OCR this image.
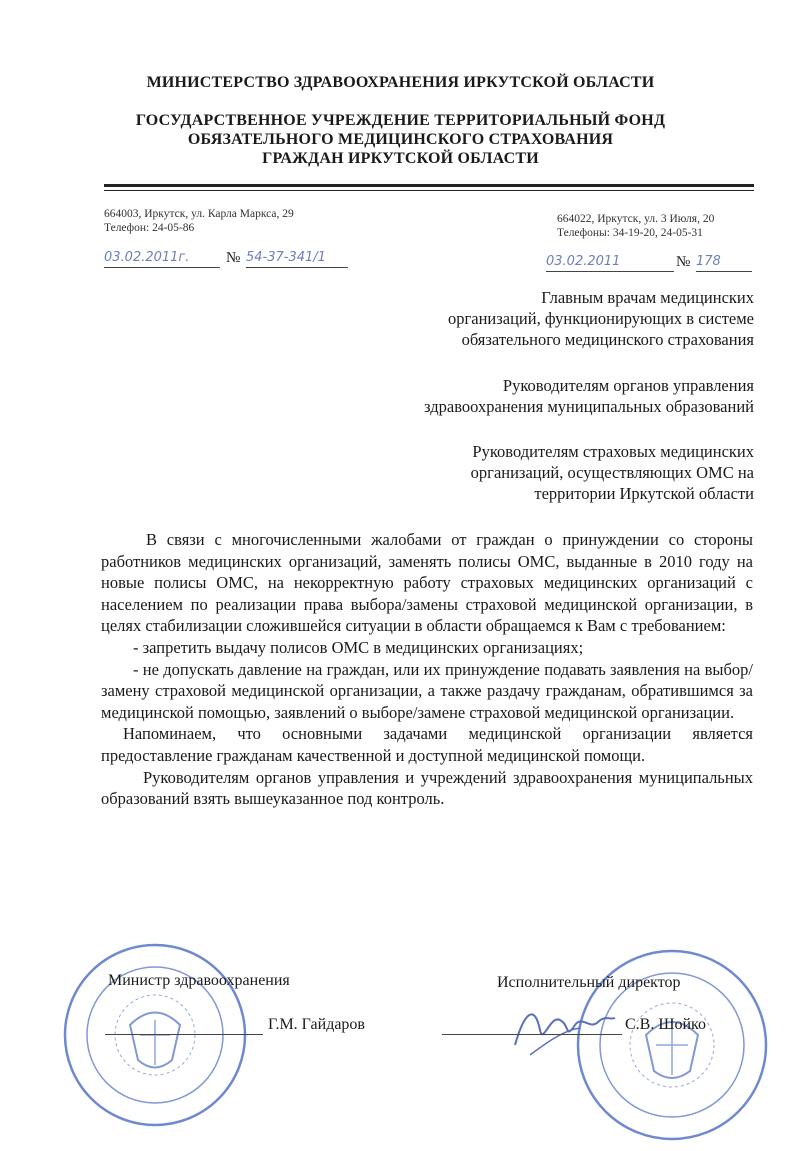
МИНИСТЕРСТВО ЗДРАВООХРАНЕНИЯ ИРКУТСКОЙ ОБЛАСТИ
ГОСУДАРСТВЕННОЕ УЧРЕЖДЕНИЕ ТЕРРИТОРИАЛЬНЫЙ ФОНД
ОБЯЗАТЕЛЬНОГО МЕДИЦИНСКОГО СТРАХОВАНИЯ
ГРАЖДАН ИРКУТСКОЙ ОБЛАСТИ
664003, Иркутск, ул. Карла Маркса, 29
Телефон: 24-05-86
03.02.2011г.	№ 54-37-341/1
664022, Иркутск, ул. 3 Июля, 20
Телефоны: 34-19-20, 24-05-31
03.02.2011	№ 178
Главным врачам медицинских
организаций, функционирующих в системе
обязательного медицинского страхования
Руководителям органов управления
здравоохранения муниципальных образований
Руководителям страховых медицинских
организаций, осуществляющих ОМС на
территории Иркутской области

В связи с многочисленными жалобами от граждан о принуждении со стороны работников медицинских организаций, заменять полисы ОМС, выданные в 2010 году на новые полисы ОМС, на некорректную работу страховых медицинских организаций с населением по реализации права выбора/замены страховой медицинской организации, в целях стабилизации сложившейся ситуации в области обращаемся к Вам с требованием:

- запретить выдачу полисов ОМС в медицинских организациях;

- не допускать давление на граждан, или их принуждение подавать заявления на выбор/замену страховой медицинской организации, а также раздачу гражданам, обратившимся за медицинской помощью, заявлений о выборе/замене страховой медицинской организации.

Напоминаем, что основными задачами медицинской организации является предоставление гражданам качественной и доступной медицинской помощи.

Руководителям органов управления и учреждений здравоохранения муниципальных образований взять вышеуказанное под контроль.

Министр здравоохранения
Г.М. Гайдаров
Исполнительный директор
С.В. Шойко
